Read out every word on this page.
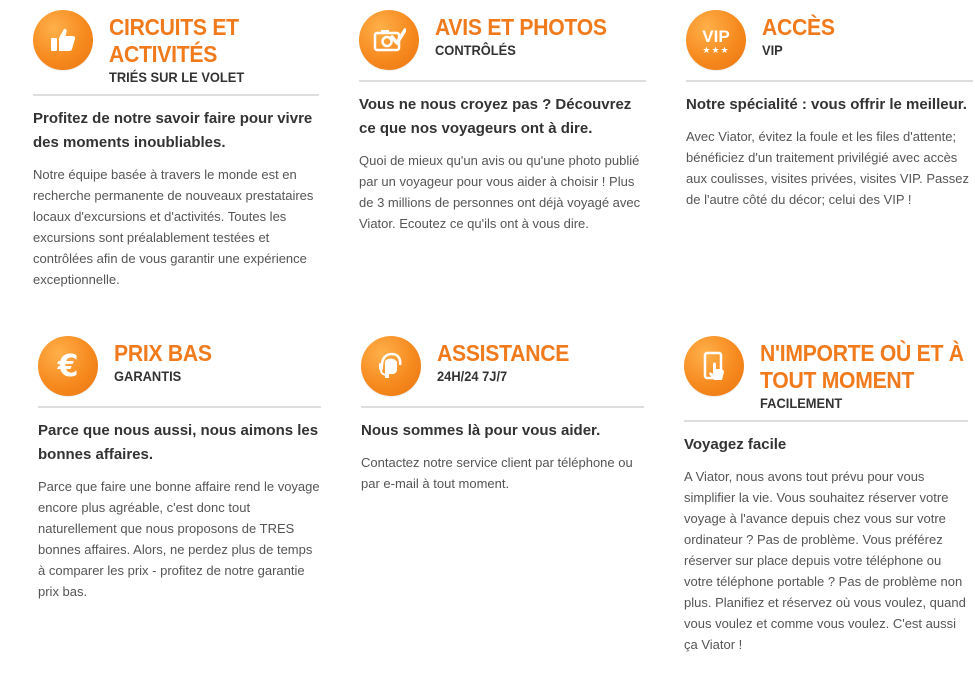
CIRCUITS ET
ACTIVITÉS
TRIÉS SUR LE VOLET
Profitez de notre savoir faire pour vivre des moments inoubliables.
Notre équipe basée à travers le monde est en recherche permanente de nouveaux prestataires locaux d'excursions et d'activités. Toutes les excursions sont préalablement testées et contrôlées afin de vous garantir une expérience exceptionnelle.
AVIS ET PHOTOS
CONTRÔLÉS
Vous ne nous croyez pas ? Découvrez ce que nos voyageurs ont à dire.
Quoi de mieux qu'un avis ou qu'une photo publié par un voyageur pour vous aider à choisir ! Plus de 3 millions de personnes ont déjà voyagé avec Viator. Ecoutez ce qu'ils ont à vous dire.
VIP
★★★
ACCÈS
VIP
Notre spécialité : vous offrir le meilleur.
Avec Viator, évitez la foule et les files d'attente; bénéficiez d'un traitement privilégié avec accès aux coulisses, visites privées, visites VIP. Passez de l'autre côté du décor; celui des VIP !
€ PRIX BAS
GARANTIS
Parce que nous aussi, nous aimons les bonnes affaires.
Parce que faire une bonne affaire rend le voyage encore plus agréable, c'est donc tout naturellement que nous proposons de TRES bonnes affaires. Alors, ne perdez plus de temps à comparer les prix - profitez de notre garantie prix bas.
ASSISTANCE
24H/24 7J/7
Nous sommes là pour vous aider.
Contactez notre service client par téléphone ou par e-mail à tout moment.
N'IMPORTE OÙ ET À
TOUT MOMENT
FACILEMENT
Voyagez facile
A Viator, nous avons tout prévu pour vous simplifier la vie. Vous souhaitez réserver votre voyage à l'avance depuis chez vous sur votre ordinateur ? Pas de problème. Vous préférez réserver sur place depuis votre téléphone ou votre téléphone portable ? Pas de problème non plus. Planifiez et réservez où vous voulez, quand vous voulez et comme vous voulez. C'est aussi ça Viator !
